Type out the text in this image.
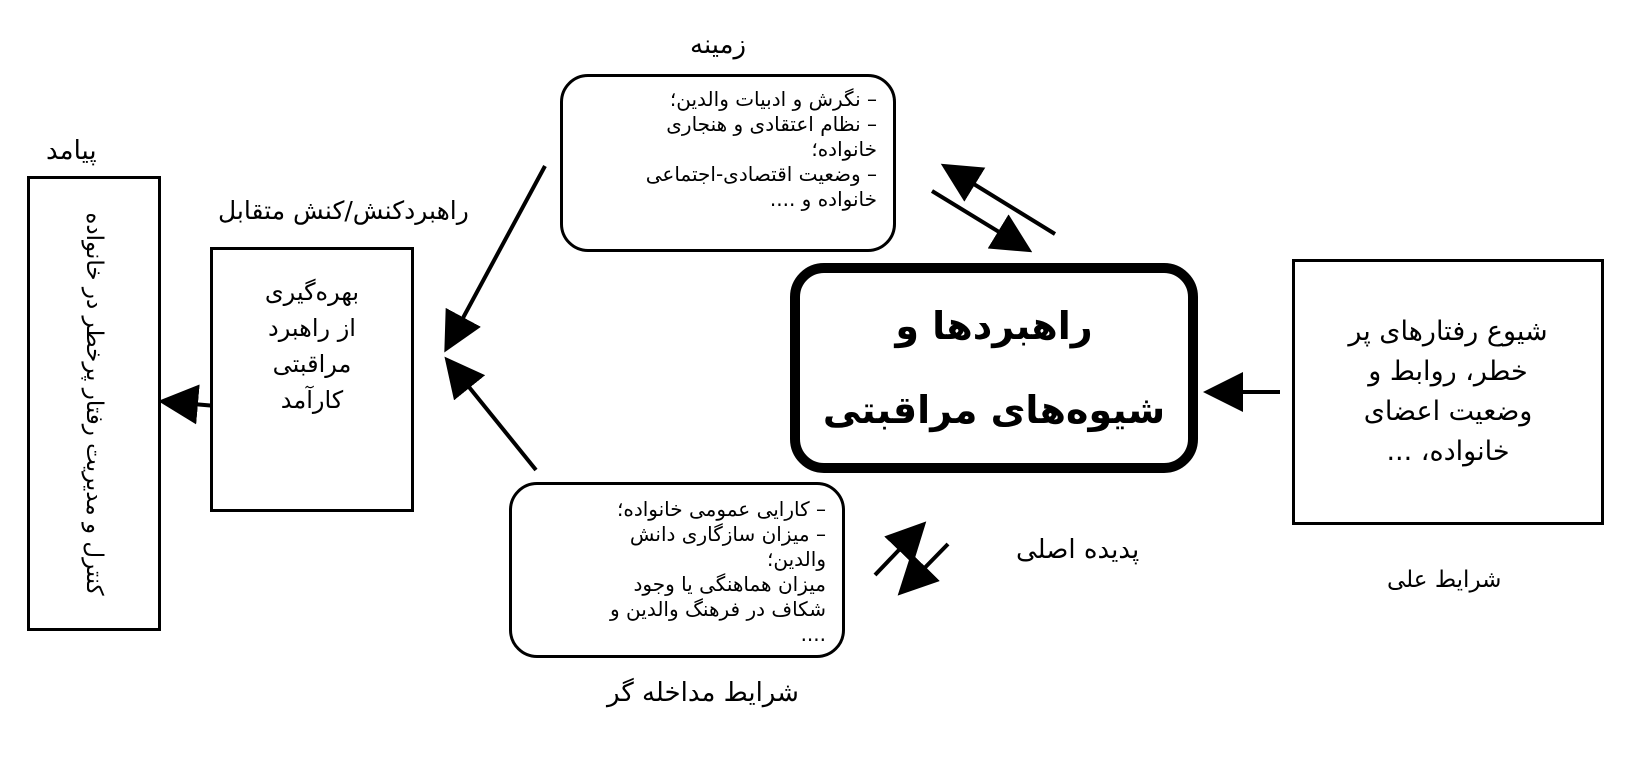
زمینه
پیامد
راهبردکنش/کنش متقابل
پدیده اصلی
شرایط علی
شرایط مداخله گر
– نگرش و ادبیات والدین؛
– نظام اعتقادی و هنجاری
خانواده؛
– وضعیت اقتصادی-اجتماعی
خانواده و ....
– کارایی عمومی خانواده؛
– میزان سازگاری دانش
والدین؛
میزان هماهنگی یا وجود
شکاف در فرهنگ والدین و
....
راهبردها و
شیوه‌های مراقبتی
شیوع رفتارهای پر
خطر، روابط و
وضعیت اعضای
خانواده، ...
بهره‌گیری
از راهبرد
مراقبتی
کارآمد
کنترل و مدیریت رفتار پرخطر در خانواده
